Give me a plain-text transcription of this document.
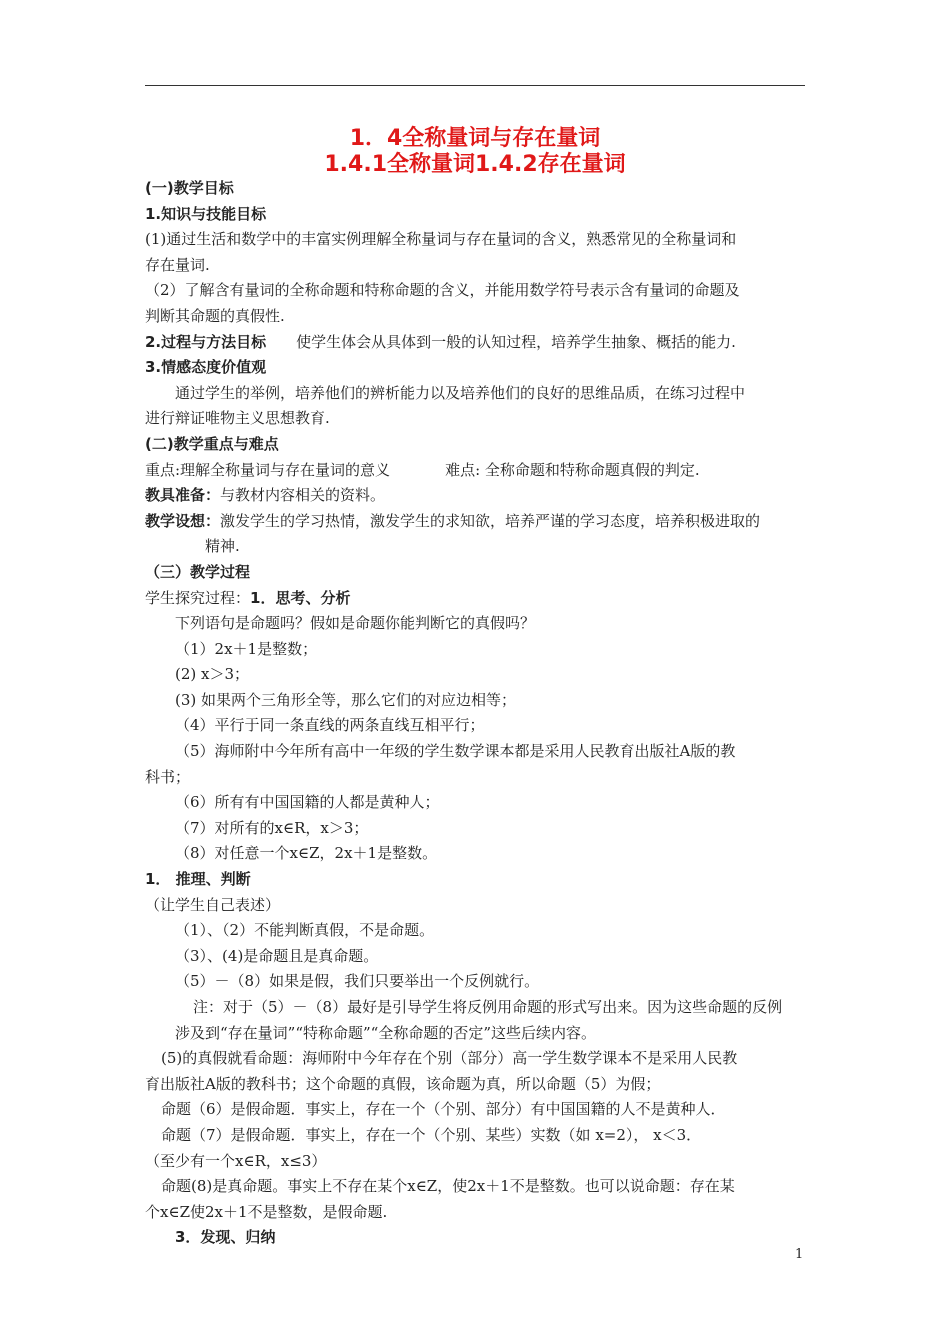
1．4全称量词与存在量词
1.4.1全称量词1.4.2存在量词
(一)教学目标
1.知识与技能目标
(1)通过生活和数学中的丰富实例理解全称量词与存在量词的含义，熟悉常见的全称量词和
存在量词.
（2）了解含有量词的全称命题和特称命题的含义，并能用数学符号表示含有量词的命题及
判断其命题的真假性.
2.过程与方法目标 使学生体会从具体到一般的认知过程，培养学生抽象、概括的能力.
3.情感态度价值观
通过学生的举例，培养他们的辨析能力以及培养他们的良好的思维品质，在练习过程中
进行辩证唯物主义思想教育.
(二)教学重点与难点
重点:理解全称量词与存在量词的意义	难点: 全称命题和特称命题真假的判定.
教具准备：与教材内容相关的资料。
教学设想：激发学生的学习热情，激发学生的求知欲，培养严谨的学习态度，培养积极进取的
精神.
（三）教学过程
学生探究过程：1．思考、分析
下列语句是命题吗？假如是命题你能判断它的真假吗？
（1）2x＋1是整数；
(2) x＞3；
(3) 如果两个三角形全等，那么它们的对应边相等；
（4）平行于同一条直线的两条直线互相平行；
（5）海师附中今年所有高中一年级的学生数学课本都是采用人民教育出版社A版的教
科书；
（6）所有有中国国籍的人都是黄种人；
（7）对所有的x∈R，x＞3；
（8）对任意一个x∈Z，2x＋1是整数。
1． 推理、判断
（让学生自己表述）
（1）、（2）不能判断真假，不是命题。
（3）、(4)是命题且是真命题。
（5）－（8）如果是假，我们只要举出一个反例就行。
注：对于（5）－（8）最好是引导学生将反例用命题的形式写出来。因为这些命题的反例
涉及到“存在量词”“特称命题”“全称命题的否定”这些后续内容。
(5)的真假就看命题：海师附中今年存在个别（部分）高一学生数学课本不是采用人民教
育出版社A版的教科书；这个命题的真假，该命题为真，所以命题（5）为假；
命题（6）是假命题．事实上，存在一个（个别、部分）有中国国籍的人不是黄种人．
命题（7）是假命题．事实上，存在一个（个别、某些）实数（如 x=2）， x＜3．
（至少有一个x∈R，x≤3）
命题(8)是真命题。事实上不存在某个x∈Z，使2x＋1不是整数。也可以说命题：存在某
个x∈Z使2x＋1不是整数，是假命题.
3．发现、归纳
1
